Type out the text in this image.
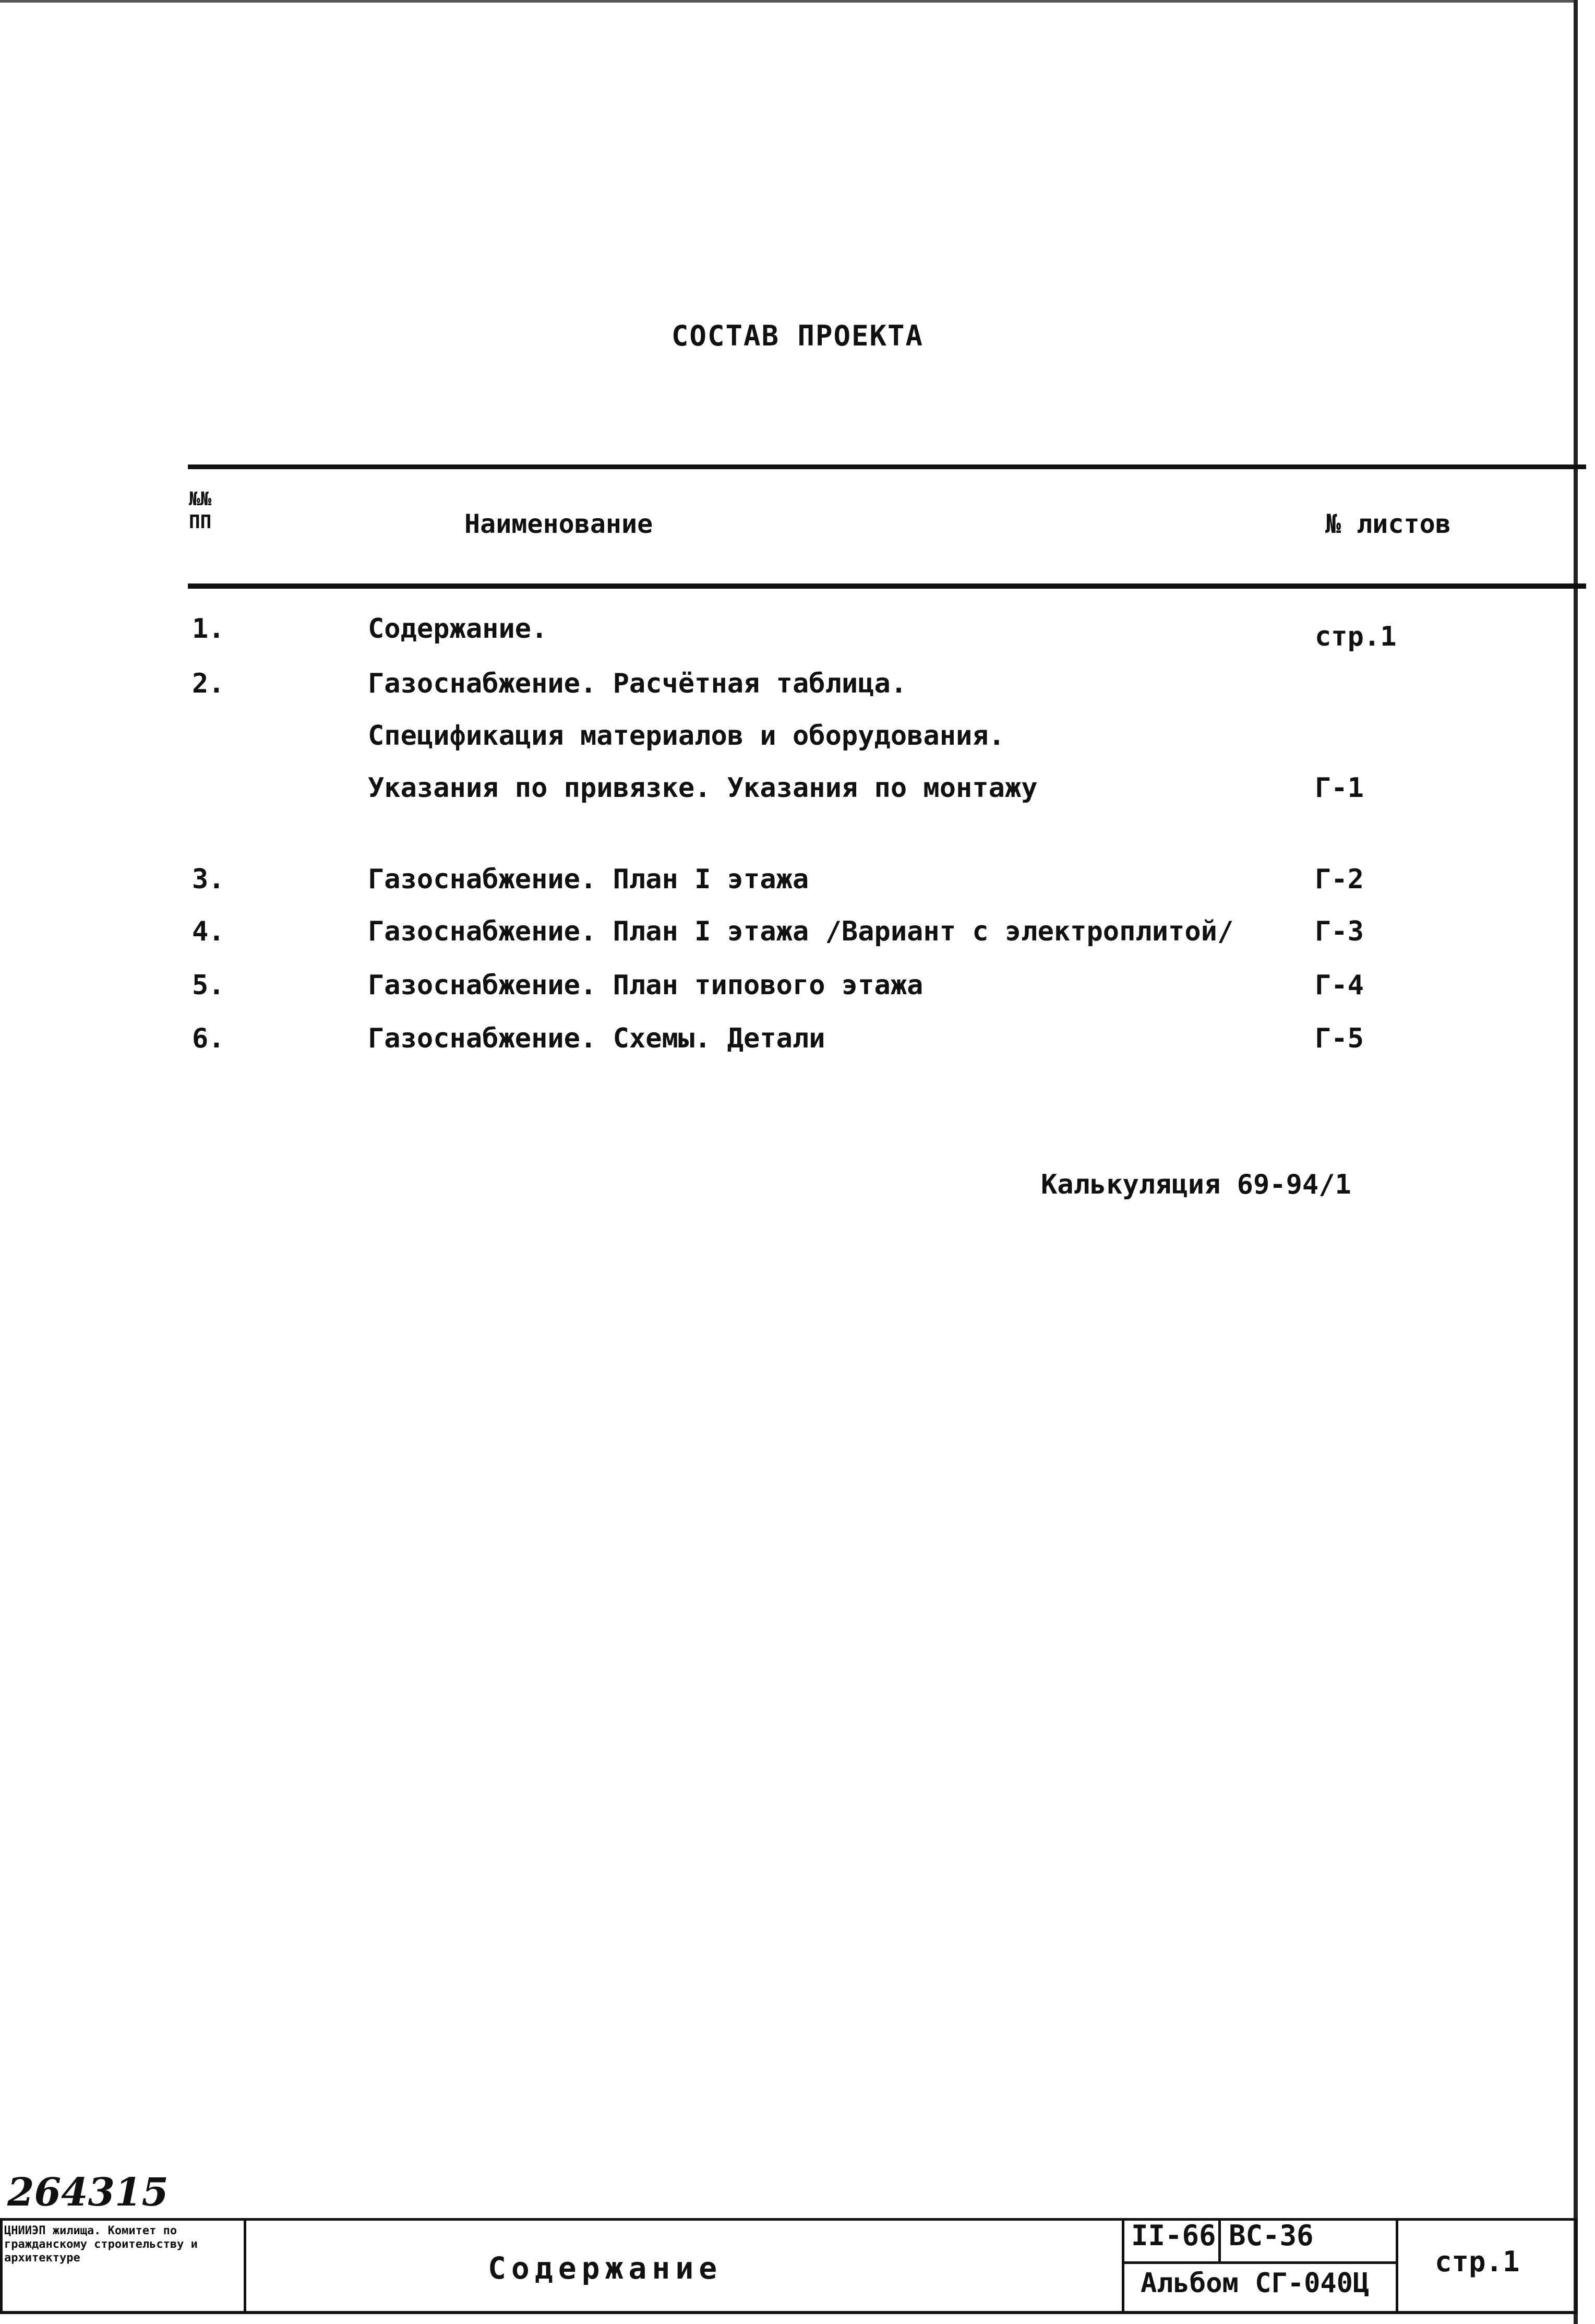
СОСТАВ ПРОЕКТА
№№ ПП	Наименование	№ листов
1.	Содержание.	стр.1
2.	Газоснабжение. Расчётная таблица.
Спецификация материалов и оборудования.
Указания по привязке. Указания по монтажу	Г-1
3.	Газоснабжение. План I этажа	Г-2
4.	Газоснабжение. План I этажа /Вариант с электроплитой/	Г-3
5.	Газоснабжение. План типового этажа	Г-4
6.	Газоснабжение. Схемы. Детали	Г-5
Калькуляция 69-94/1
264315
ЦНИИЭП жилища. Комитет по гражданскому строительству и архитектуре	Содержание
II-66 ВС-36
Альбом СГ-040Ц
стр.1
